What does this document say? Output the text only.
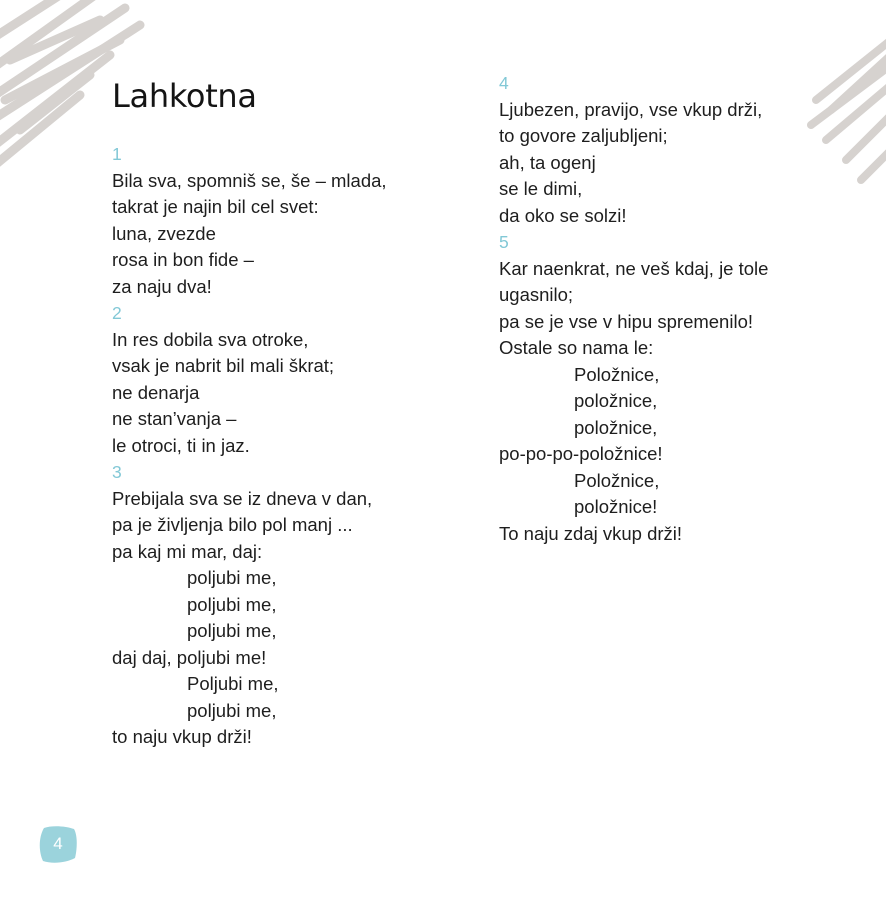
Lahkotna
1
Bila sva, spomniš se, še – mlada,
takrat je najin bil cel svet:
luna, zvezde
rosa in bon fide –
za naju dva!
2
In res dobila sva otroke,
vsak je nabrit bil mali škrat;
ne denarja
ne stan’vanja –
le otroci, ti in jaz.
3
Prebijala sva se iz dneva v dan,
pa je življenja bilo pol manj ...
pa kaj mi mar, daj:
poljubi me,
poljubi me,
poljubi me,
daj daj, poljubi me!
Poljubi me,
poljubi me,
to naju vkup drži!
4
Ljubezen, pravijo, vse vkup drži,
to govore zaljubljeni;
ah, ta ogenj
se le dimi,
da oko se solzi!
5
Kar naenkrat, ne veš kdaj, je tole
ugasnilo;
pa se je vse v hipu spremenilo!
Ostale so nama le:
Položnice,
položnice,
položnice,
po-po-po-položnice!
Položnice,
položnice!
To naju zdaj vkup drži!
4
